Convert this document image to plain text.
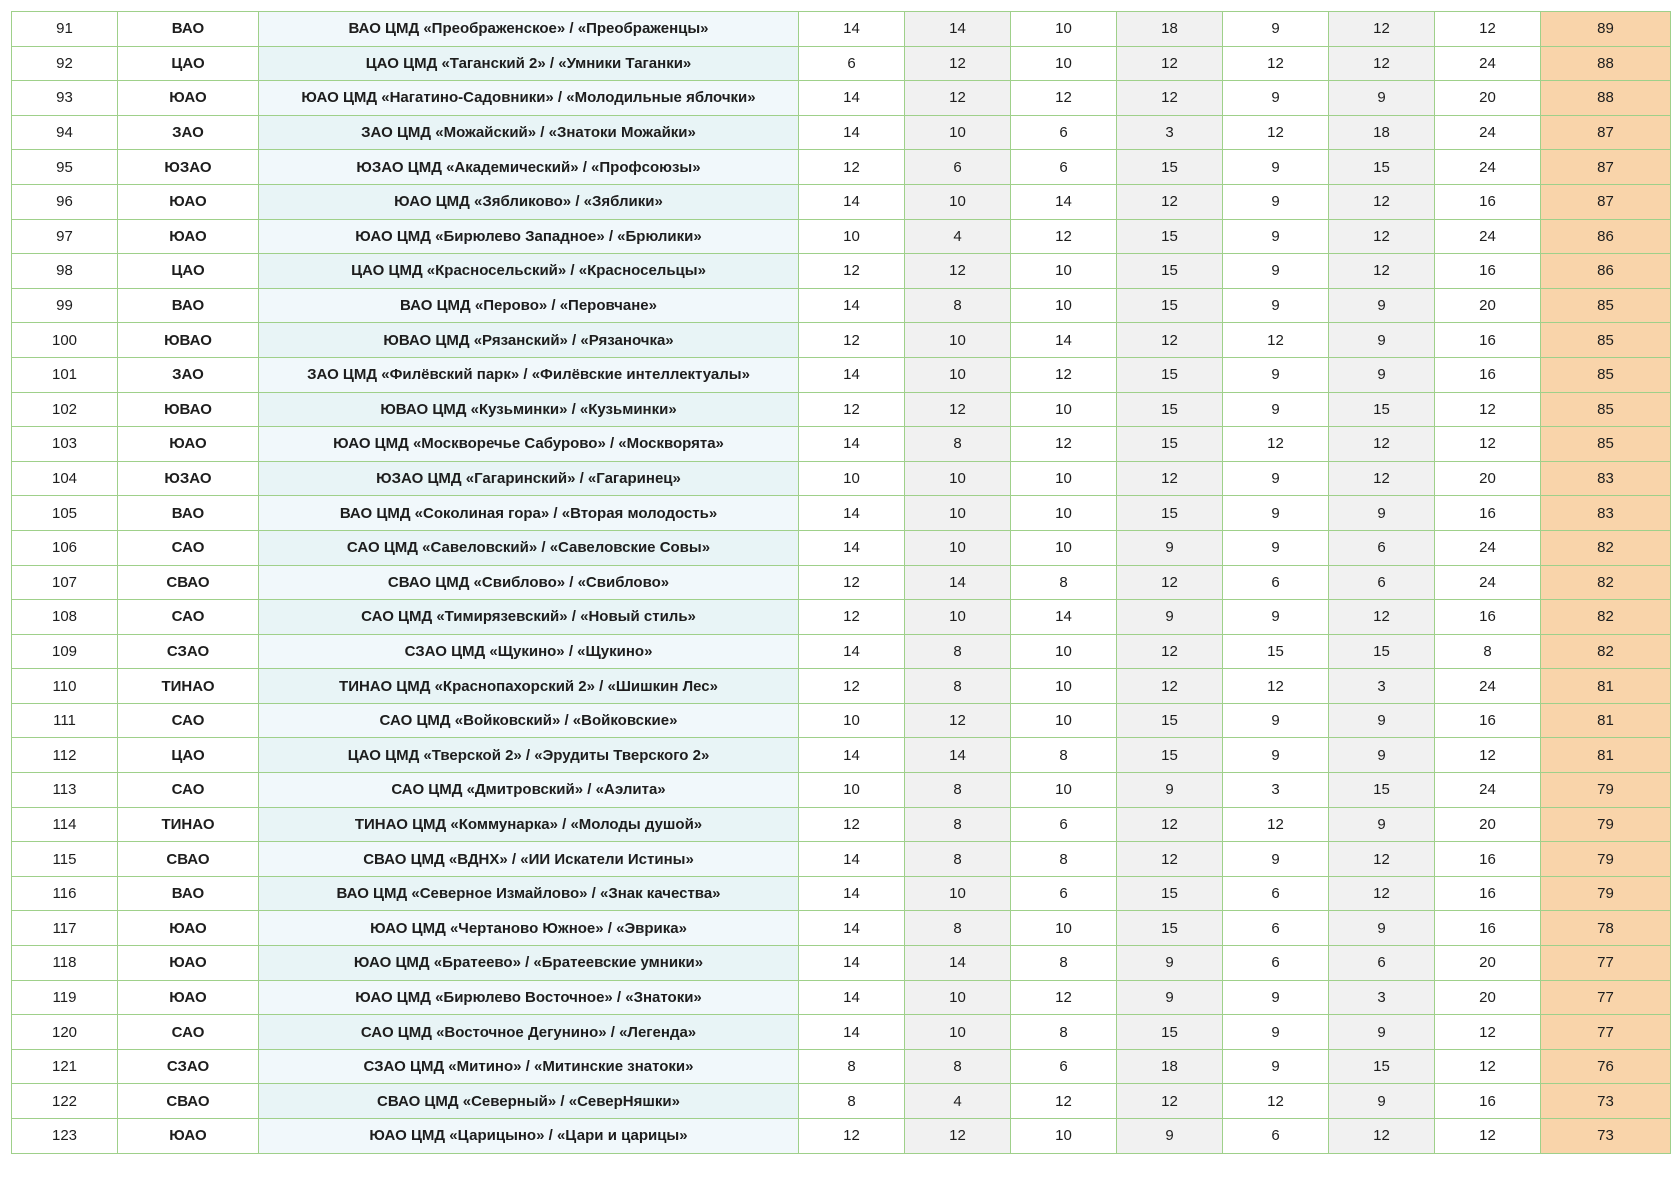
91	ВАО	ВАО ЦМД «Преображенское» / «Преображенцы»	14	14	10	18	9	12	12	89
92	ЦАО	ЦАО ЦМД «Таганский 2» / «Умники Таганки»	6	12	10	12	12	12	24	88
93	ЮАО	ЮАО ЦМД «Нагатино-Садовники» / «Молодильные яблочки»	14	12	12	12	9	9	20	88
94	ЗАО	ЗАО ЦМД «Можайский» / «Знатоки Можайки»	14	10	6	3	12	18	24	87
95	ЮЗАО	ЮЗАО ЦМД «Академический» / «Профсоюзы»	12	6	6	15	9	15	24	87
96	ЮАО	ЮАО ЦМД «Зябликово» / «Зяблики»	14	10	14	12	9	12	16	87
97	ЮАО	ЮАО ЦМД «Бирюлево Западное» / «Брюлики»	10	4	12	15	9	12	24	86
98	ЦАО	ЦАО ЦМД «Красносельский» / «Красносельцы»	12	12	10	15	9	12	16	86
99	ВАО	ВАО ЦМД «Перово» / «Перовчане»	14	8	10	15	9	9	20	85
100	ЮВАО	ЮВАО ЦМД «Рязанский» / «Рязаночка»	12	10	14	12	12	9	16	85
101	ЗАО	ЗАО ЦМД «Филёвский парк» / «Филёвские интеллектуалы»	14	10	12	15	9	9	16	85
102	ЮВАО	ЮВАО ЦМД «Кузьминки» / «Кузьминки»	12	12	10	15	9	15	12	85
103	ЮАО	ЮАО ЦМД «Москворечье Сабурово» / «Москворята»	14	8	12	15	12	12	12	85
104	ЮЗАО	ЮЗАО ЦМД «Гагаринский» / «Гагаринец»	10	10	10	12	9	12	20	83
105	ВАО	ВАО ЦМД «Соколиная гора» / «Вторая молодость»	14	10	10	15	9	9	16	83
106	САО	САО ЦМД «Савеловский» / «Савеловские Совы»	14	10	10	9	9	6	24	82
107	СВАО	СВАО ЦМД «Свиблово» / «Свиблово»	12	14	8	12	6	6	24	82
108	САО	САО ЦМД «Тимирязевский» / «Новый стиль»	12	10	14	9	9	12	16	82
109	СЗАО	СЗАО ЦМД «Щукино» / «Щукино»	14	8	10	12	15	15	8	82
110	ТИНАО	ТИНАО ЦМД «Краснопахорский 2» / «Шишкин Лес»	12	8	10	12	12	3	24	81
111	САО	САО ЦМД «Войковский» / «Войковские»	10	12	10	15	9	9	16	81
112	ЦАО	ЦАО ЦМД «Тверской 2» / «Эрудиты Тверского 2»	14	14	8	15	9	9	12	81
113	САО	САО ЦМД «Дмитровский» / «Аэлита»	10	8	10	9	3	15	24	79
114	ТИНАО	ТИНАО ЦМД «Коммунарка» / «Молоды душой»	12	8	6	12	12	9	20	79
115	СВАО	СВАО ЦМД «ВДНХ» / «ИИ Искатели Истины»	14	8	8	12	9	12	16	79
116	ВАО	ВАО ЦМД «Северное Измайлово» / «Знак качества»	14	10	6	15	6	12	16	79
117	ЮАО	ЮАО ЦМД «Чертаново Южное» / «Эврика»	14	8	10	15	6	9	16	78
118	ЮАО	ЮАО ЦМД «Братеево» / «Братеевские умники»	14	14	8	9	6	6	20	77
119	ЮАО	ЮАО ЦМД «Бирюлево Восточное» / «Знатоки»	14	10	12	9	9	3	20	77
120	САО	САО ЦМД «Восточное Дегунино» / «Легенда»	14	10	8	15	9	9	12	77
121	СЗАО	СЗАО ЦМД «Митино» / «Митинские знатоки»	8	8	6	18	9	15	12	76
122	СВАО	СВАО ЦМД «Северный» / «СеверНяшки»	8	4	12	12	12	9	16	73
123	ЮАО	ЮАО ЦМД «Царицыно» / «Цари и царицы»	12	12	10	9	6	12	12	73
